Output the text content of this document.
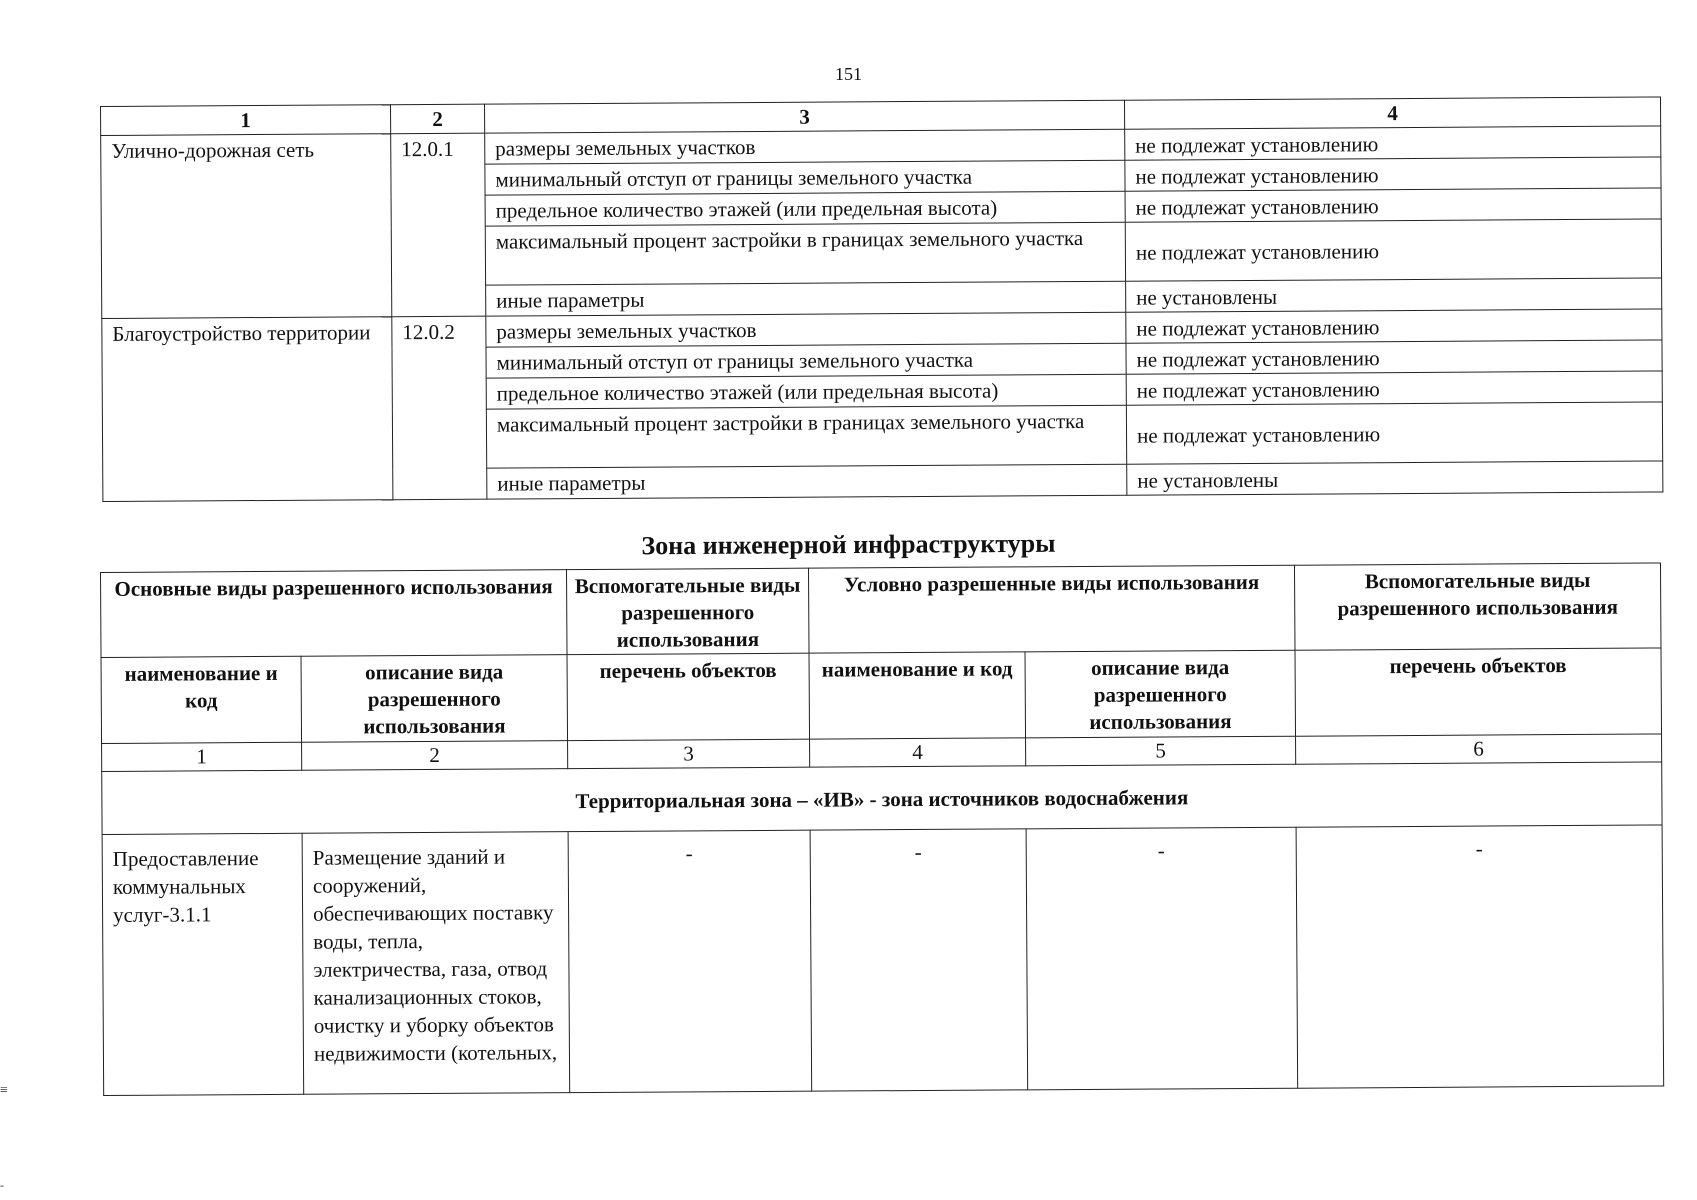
151
1	2	3	4
Улично-дорожная сеть	12.0.1	размеры земельных участков	не подлежат установлению
		минимальный отступ от границы земельного участка	не подлежат установлению
		предельное количество этажей (или предельная высота)	не подлежат установлению
		максимальный процент застройки в границах земельного участка	не подлежат установлению
		иные параметры	не установлены
Благоустройство территории	12.0.2	размеры земельных участков	не подлежат установлению
		минимальный отступ от границы земельного участка	не подлежат установлению
		предельное количество этажей (или предельная высота)	не подлежат установлению
		максимальный процент застройки в границах земельного участка	не подлежат установлению
		иные параметры	не установлены
Зона инженерной инфраструктуры
Основные виды разрешенного использования		Вспомогательные виды разрешенного использования	Условно разрешенные виды использования		Вспомогательные виды разрешенного использования
наименование и код	описание вида разрешенного использования	перечень объектов	наименование и код	описание вида разрешенного использования	перечень объектов
1	2	3	4	5	6
Территориальная зона – «ИВ» - зона источников водоснабжения					
Предоставление коммунальных услуг-3.1.1	Размещение зданий и сооружений, обеспечивающих поставку воды, тепла, электричества, газа, отвод канализационных стоков, очистку и уборку объектов недвижимости (котельных,	-	-	-	-
≡
-
